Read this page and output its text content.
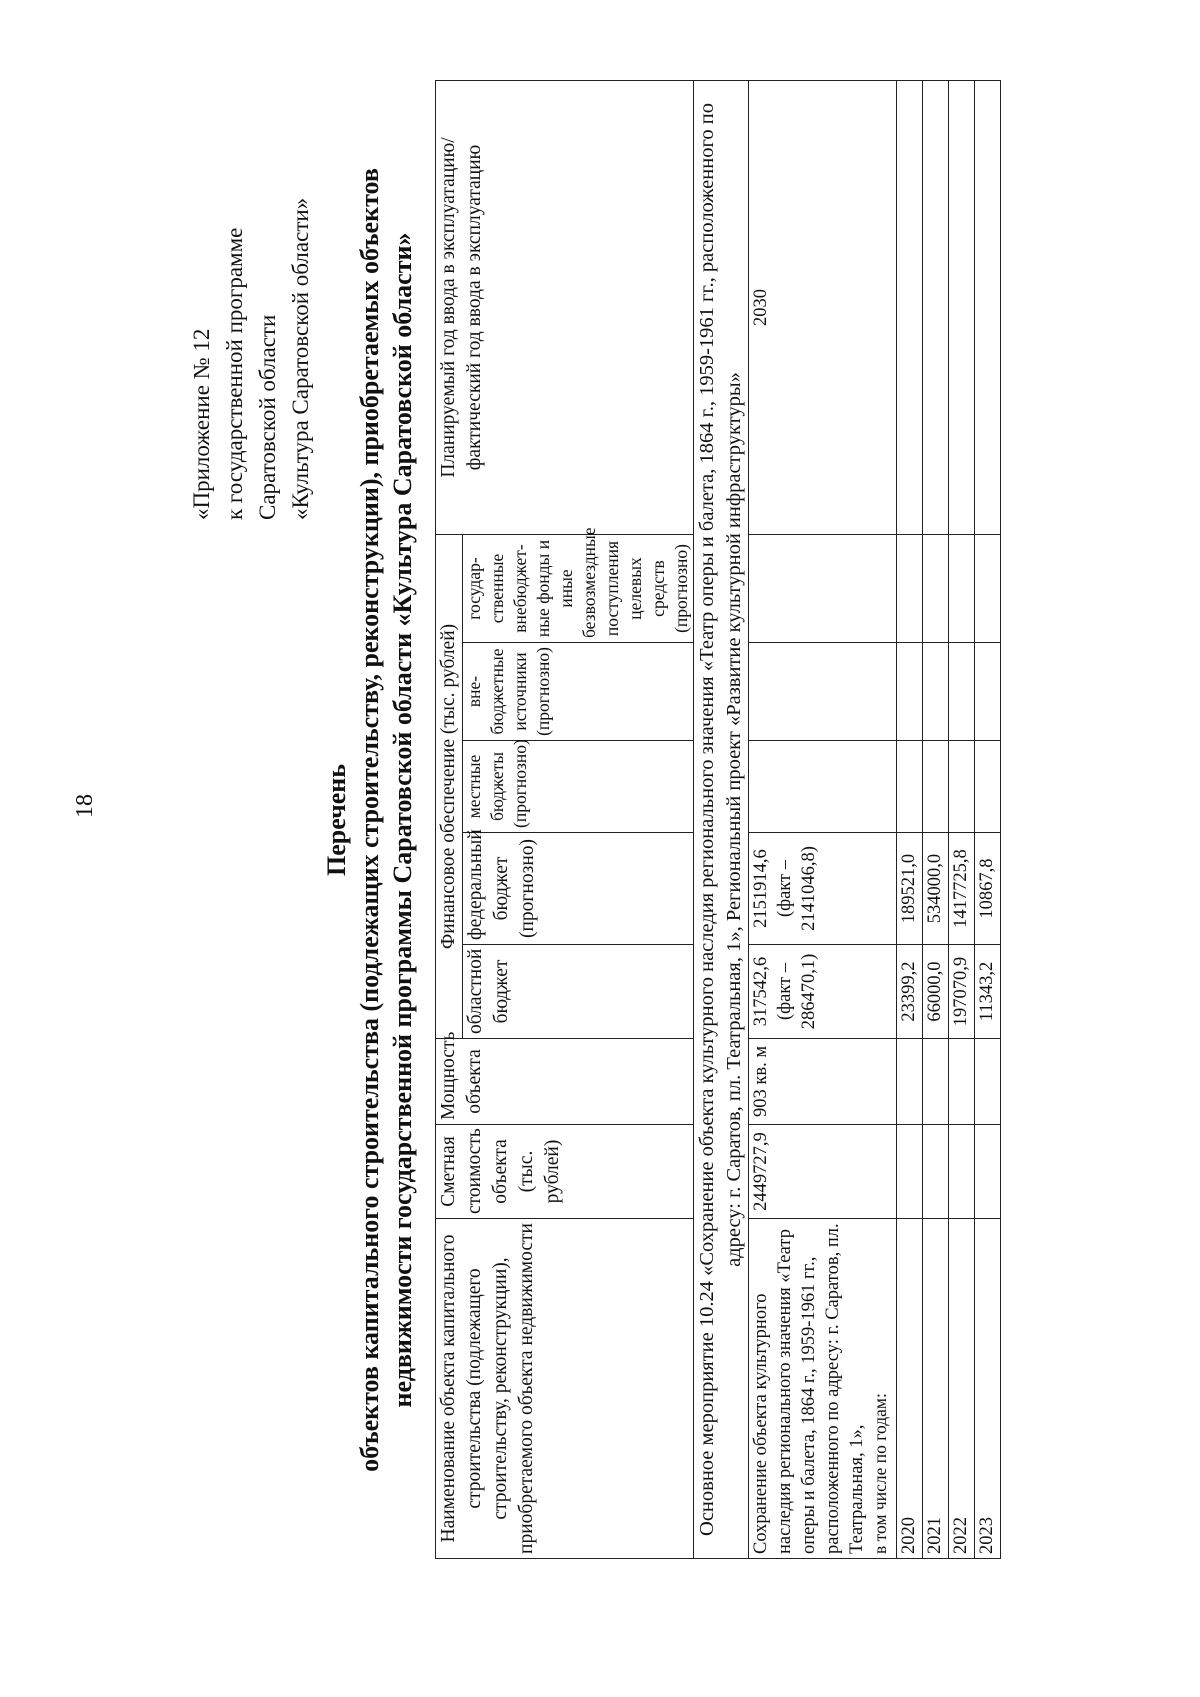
18
«Приложение № 12 к государственной программе Саратовской области «Культура Саратовской области»
Перечень объектов капитального строительства (подлежащих строительству, реконструкции), приобретаемых объектов недвижимости государственной программы Саратовской области «Культура Саратовской области» Наименование объекта капитального строительства (подлежащего строительству, реконструкции), приобретаемого объекта недвижимости	Сметная стоимость объекта (тыс. рублей)	Мощность объекта	Финансовое обеспечение (тыс. рублей)					Планируемый год ввода в эксплуатацию/ фактический год ввода в эксплуатацию
			областной бюджет	федеральный бюджет (прогнозно)	местные бюджеты (прогнозно)	вне-бюджетные источники (прогнозно)	государ-ственные внебюджет-ные фонды и иные безвозмездные поступления целевых средств (прогнозно)	
Основное мероприятие 10.24 «Сохранение объекта культурного наследия регионального значения «Театр оперы и балета, 1864 г., 1959-1961 гг., расположенного по адресу: г. Саратов, пл. Театральная, 1», Региональный проект «Развитие культурной инфраструктуры»								
Сохранение объекта культурного наследия регионального значения «Театр оперы и балета, 1864 г., 1959-1961 гг., расположенного по адресу: г. Саратов, пл. Театральная, 1», в том числе по годам:	2449727,9	903 кв. м	317542,6 (факт – 286470,1)	2151914,6 (факт – 2141046,8)				2030
2020			23399,2	189521,0				
2021			66000,0	534000,0				
2022			197070,9	1417725,8				
2023			11343,2	10867,8				
